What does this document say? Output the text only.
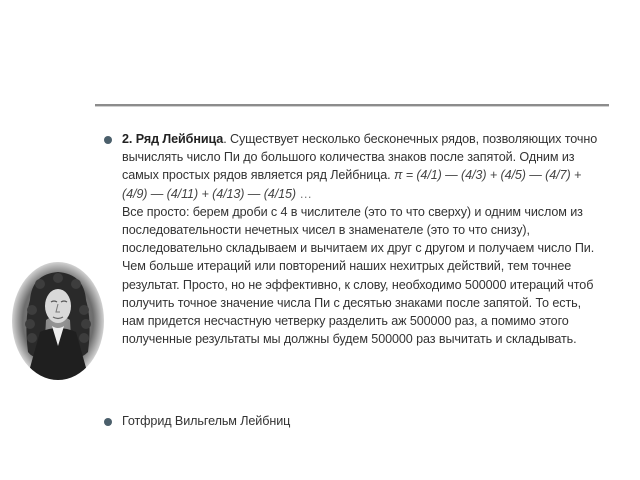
2. Ряд Лейбница. Существует несколько бесконечных рядов, позволяющих точно вычислять число Пи до большого количества знаков после запятой. Одним из самых простых рядов является ряд Лейбница. π = (4/1) — (4/3) + (4/5) — (4/7) + (4/9) — (4/11) + (4/13) — (4/15) …
Все просто: берем дроби с 4 в числителе (это то что сверху) и одним числом из последовательности нечетных чисел в знаменателе (это то что снизу), последовательно складываем и вычитаем их друг с другом и получаем число Пи. Чем больше итераций или повторений наших нехитрых действий, тем точнее результат. Просто, но не эффективно, к слову, необходимо 500000 итераций чтоб получить точное значение числа Пи с десятью знаками после запятой. То есть, нам придется несчастную четверку разделить аж 500000 раз, а помимо этого полученные результаты мы должны будем 500000 раз вычитать и складывать.
Готфрид Вильгельм Лейбниц
